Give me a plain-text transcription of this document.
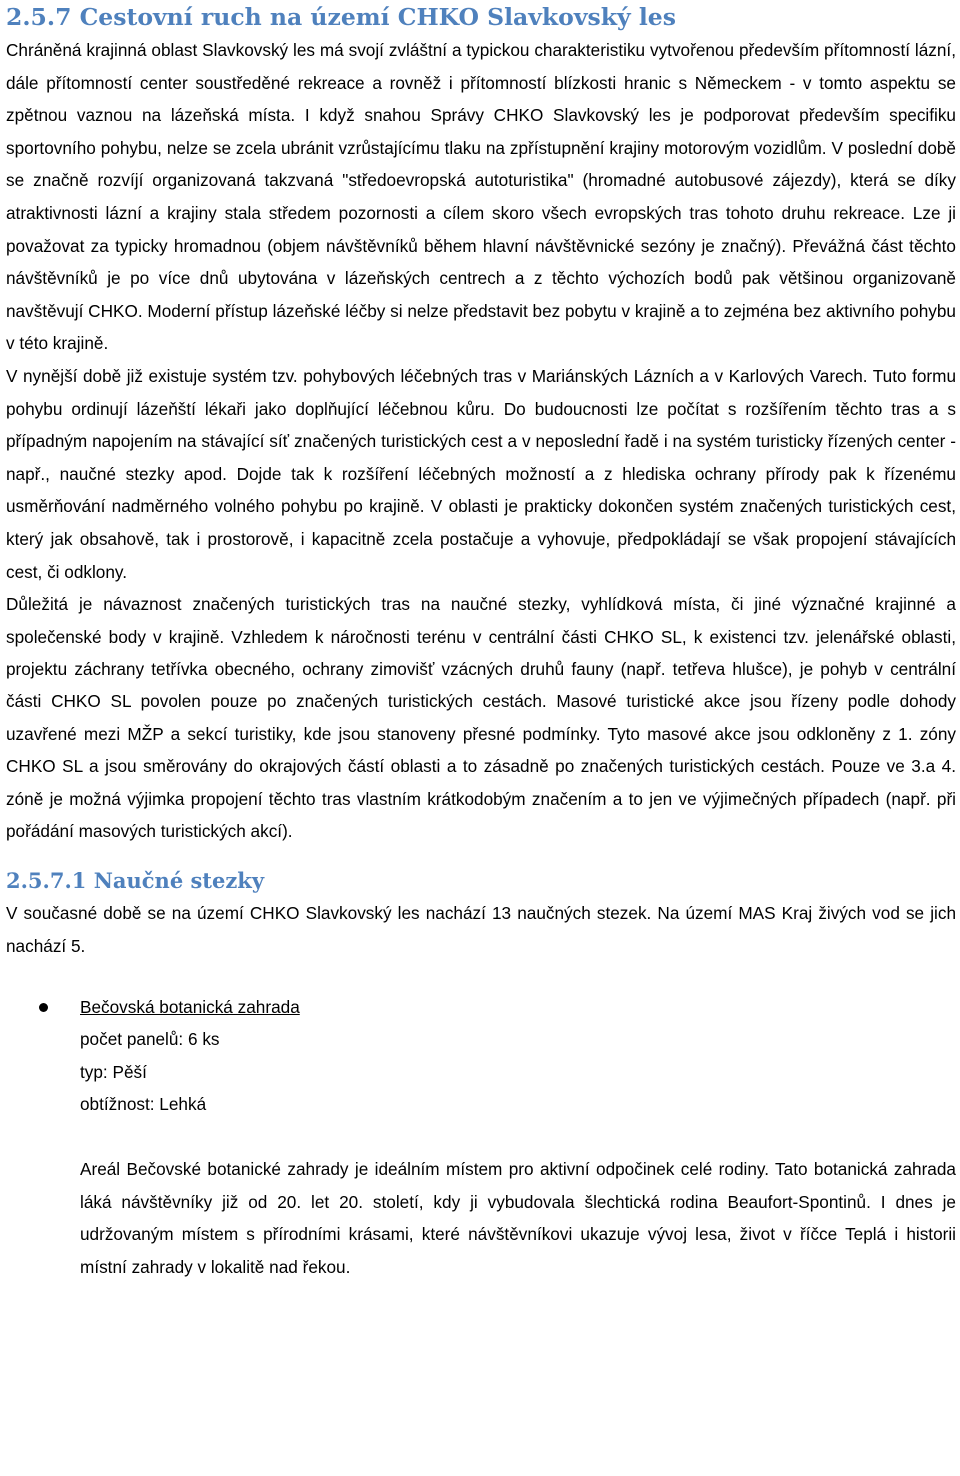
2.5.7 Cestovní ruch na území CHKO Slavkovský les

Chráněná krajinná oblast Slavkovský les má svojí zvláštní a typickou charakteristiku vytvořenou především přítomností lázní, dále přítomností center soustředěné rekreace a rovněž i přítomností blízkosti hranic s Německem - v tomto aspektu se zpětnou vaznou na lázeňská místa. I když snahou Správy CHKO Slavkovský les je podporovat především specifiku sportovního pohybu, nelze se zcela ubránit vzrůstajícímu tlaku na zpřístupnění krajiny motorovým vozidlům. V poslední době se značně rozvíjí organizovaná takzvaná "středoevropská autoturistika" (hromadné autobusové zájezdy), která se díky atraktivnosti lázní a krajiny stala středem pozornosti a cílem skoro všech evropských tras tohoto druhu rekreace. Lze ji považovat za typicky hromadnou (objem návštěvníků během hlavní návštěvnické sezóny je značný). Převážná část těchto návštěvníků je po více dnů ubytována v lázeňských centrech a z těchto výchozích bodů pak většinou organizovaně navštěvují CHKO. Moderní přístup lázeňské léčby si nelze představit bez pobytu v krajině a to zejména bez aktivního pohybu v této krajině.

V nynější době již existuje systém tzv. pohybových léčebných tras v Mariánských Lázních a v Karlových Varech. Tuto formu pohybu ordinují lázeňští lékaři jako doplňující léčebnou kůru. Do budoucnosti lze počítat s rozšířením těchto tras a s případným napojením na stávající síť značených turistických cest a v neposlední řadě i na systém turisticky řízených center - např., naučné stezky apod. Dojde tak k rozšíření léčebných možností a z hlediska ochrany přírody pak k řízenému usměrňování nadměrného volného pohybu po krajině. V oblasti je prakticky dokončen systém značených turistických cest, který jak obsahově, tak i prostorově, i kapacitně zcela postačuje a vyhovuje, předpokládají se však propojení stávajících cest, či odklony.

Důležitá je návaznost značených turistických tras na naučné stezky, vyhlídková místa, či jiné význačné krajinné a společenské body v krajině. Vzhledem k náročnosti terénu v centrální části CHKO SL, k existenci tzv. jelenářské oblasti, projektu záchrany tetřívka obecného, ochrany zimovišť vzácných druhů fauny (např. tetřeva hlušce), je pohyb v centrální části CHKO SL povolen pouze po značených turistických cestách. Masové turistické akce jsou řízeny podle dohody uzavřené mezi MŽP a sekcí turistiky, kde jsou stanoveny přesné podmínky. Tyto masové akce jsou odkloněny z 1. zóny CHKO SL a jsou směrovány do okrajových částí oblasti a to zásadně po značených turistických cestách. Pouze ve 3.a 4. zóně je možná výjimka propojení těchto tras vlastním krátkodobým značením a to jen ve výjimečných případech (např. při pořádání masových turistických akcí).

2.5.7.1 Naučné stezky

V současné době se na území CHKO Slavkovský les nachází 13 naučných stezek. Na území MAS Kraj živých vod se jich nachází 5.

Bečovská botanická zahrada
počet panelů: 6 ks
typ: Pěší
obtížnost: Lehká
Areál Bečovské botanické zahrady je ideálním místem pro aktivní odpočinek celé rodiny. Tato botanická zahrada láká návštěvníky již od 20. let 20. století, kdy ji vybudovala šlechtická rodina Beaufort-Spontinů. I dnes je udržovaným místem s přírodními krásami, které návštěvníkovi ukazuje vývoj lesa, život v říčce Teplá i historii místní zahrady v lokalitě nad řekou.
